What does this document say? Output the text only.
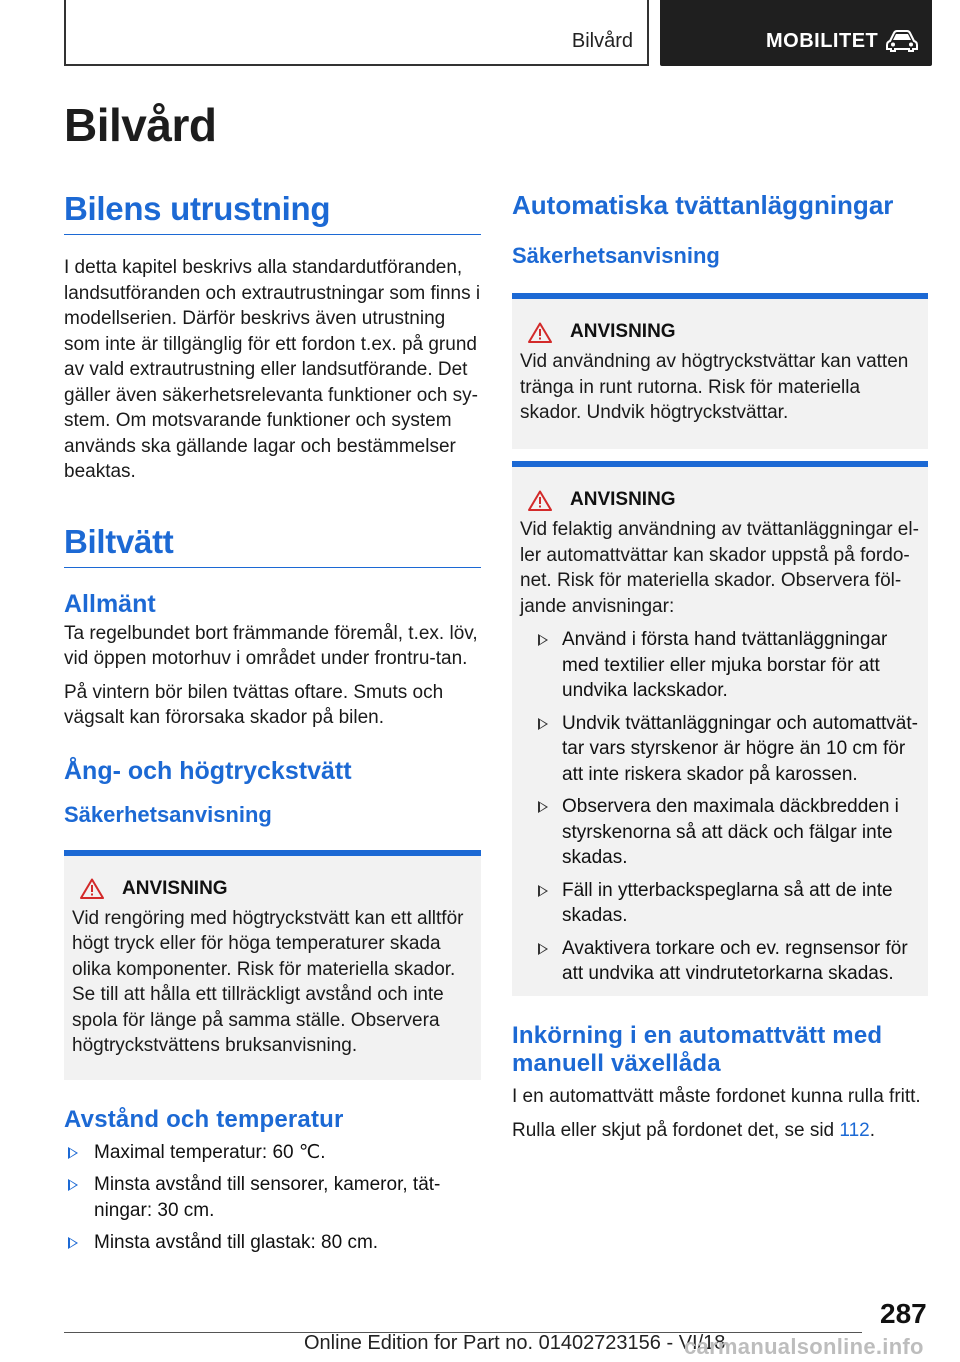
Bilvård	MOBILITET
Bilvård
Bilens utrustning

I detta kapitel beskrivs alla standardutföranden, landsutföranden och extrautrustningar som finns i modellserien. Därför beskrivs även utrustning som inte är tillgänglig för ett fordon t.ex. på grund av vald extrautrustning eller landsutförande. Det gäller även säkerhetsrelevanta funktioner och sy-stem. Om motsvarande funktioner och system används ska gällande lagar och bestämmelser beaktas.

Biltvätt
Allmänt

Ta regelbundet bort främmande föremål, t.ex. löv, vid öppen motorhuv i området under frontru-tan.

På vintern bör bilen tvättas oftare. Smuts och vägsalt kan förorsaka skador på bilen.

Ång- och högtryckstvätt
Säkerhetsanvisning
ANVISNING

Vid rengöring med högtryckstvätt kan ett alltför högt tryck eller för höga temperaturer skada olika komponenter. Risk för materiella skador. Se till att hålla ett tillräckligt avstånd och inte spola för länge på samma ställe. Observera högtryckstvättens bruksanvisning.

Avstånd och temperatur
Maximal temperatur: 60 ℃.
Minsta avstånd till sensorer, kameror, tät-ningar: 30 cm.
Minsta avstånd till glastak: 80 cm.
Automatiska tvättanläggningar
Säkerhetsanvisning
ANVISNING

Vid användning av högtryckstvättar kan vatten tränga in runt rutorna. Risk för materiella skador. Undvik högtryckstvättar.

ANVISNING

Vid felaktig användning av tvättanläggningar el-ler automattvättar kan skador uppstå på fordo-net. Risk för materiella skador. Observera föl-jande anvisningar:

Använd i första hand tvättanläggningar med textilier eller mjuka borstar för att undvika lackskador.
Undvik tvättanläggningar och automattvät-tar vars styrskenor är högre än 10 cm för att inte riskera skador på karossen.
Observera den maximala däckbredden i styrskenorna så att däck och fälgar inte skadas.
Fäll in ytterbackspeglarna så att de inte skadas.
Avaktivera torkare och ev. regnsensor för att undvika att vindrutetorkarna skadas.
Inkörning i en automattvätt med manuell växellåda

I en automattvätt måste fordonet kunna rulla fritt.

Rulla eller skjut på fordonet det, se sid 112.

287
Online Edition for Part no. 01402723156 - VI/18
carmanualsonline.info
